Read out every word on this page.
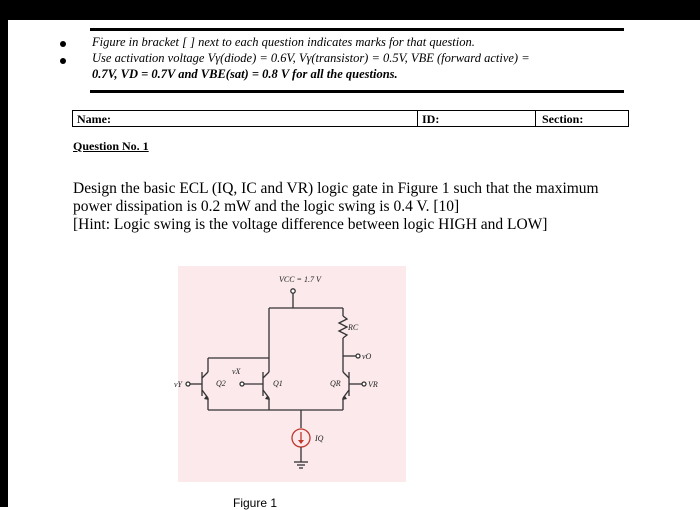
Figure in bracket [ ] next to each question indicates marks for that question.
Use activation voltage Vγ(diode) = 0.6V, Vγ(transistor) = 0.5V, VBE (forward active) =
0.7V, VD = 0.7V and VBE(sat) = 0.8 V for all the questions.
Name:	ID:	Section:
Question No. 1
Design the basic ECL (IQ, IC and VR) logic gate in Figure 1 such that the maximum
power dissipation is 0.2 mW and the logic swing is 0.4 V. [10]
[Hint: Logic swing is the voltage difference between logic HIGH and LOW]
VCC = 1.7 V
RC
vO
vX
vY	Q2	Q1	QR	VR
IQ
Figure 1
